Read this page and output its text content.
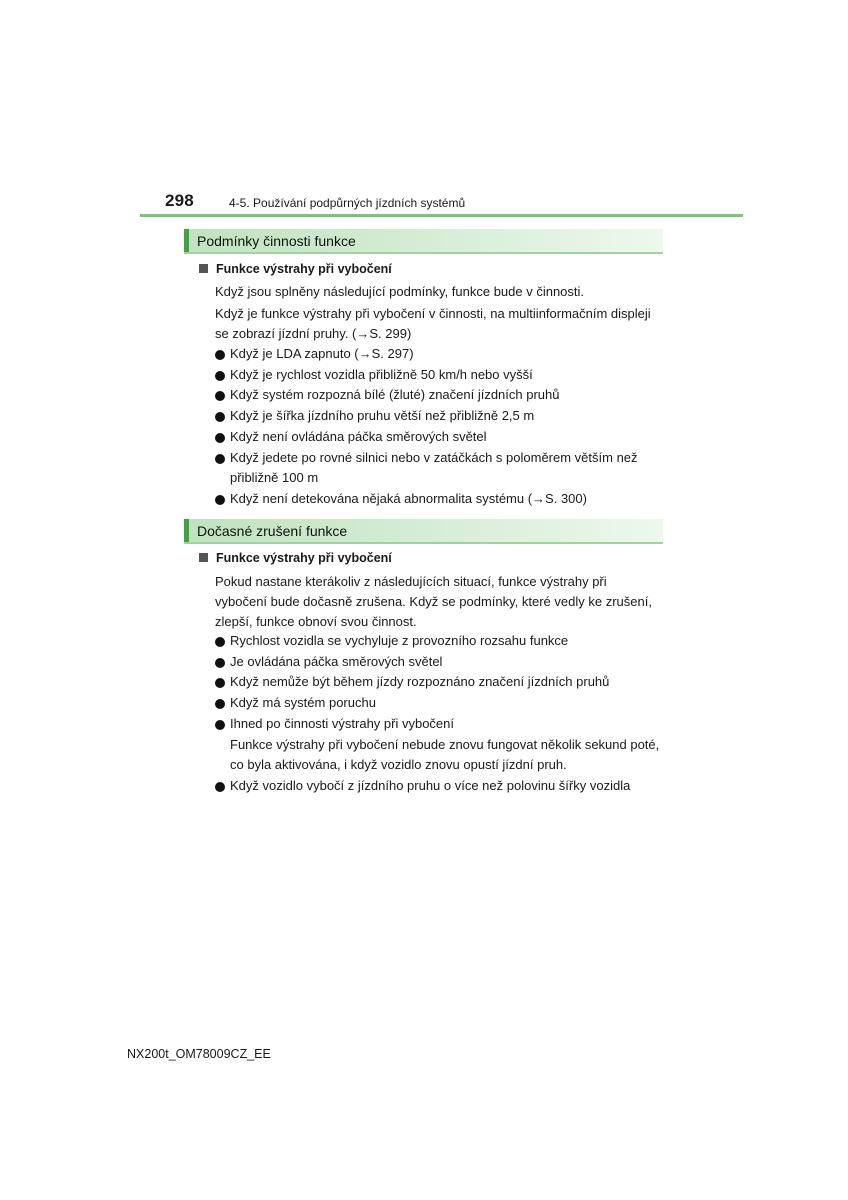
298	4-5. Používání podpůrných jízdních systémů
Podmínky činnosti funkce
Funkce výstrahy při vybočení
Když jsou splněny následující podmínky, funkce bude v činnosti.
Když je funkce výstrahy při vybočení v činnosti, na multiinformačním displeji se zobrazí jízdní pruhy. (→S. 299)
Když je LDA zapnuto (→S. 297)
Když je rychlost vozidla přibližně 50 km/h nebo vyšší
Když systém rozpozná bílé (žluté) značení jízdních pruhů
Když je šířka jízdního pruhu větší než přibližně 2,5 m
Když není ovládána páčka směrových světel
Když jedete po rovné silnici nebo v zatáčkách s poloměrem větším než přibližně 100 m
Když není detekována nějaká abnormalita systému (→S. 300)
Dočasné zrušení funkce
Funkce výstrahy při vybočení
Pokud nastane kterákoliv z následujících situací, funkce výstrahy při vybočení bude dočasně zrušena. Když se podmínky, které vedly ke zrušení, zlepší, funkce obnoví svou činnost.
Rychlost vozidla se vychyluje z provozního rozsahu funkce
Je ovládána páčka směrových světel
Když nemůže být během jízdy rozpoznáno značení jízdních pruhů
Když má systém poruchu
Ihned po činnosti výstrahy při vybočení
Funkce výstrahy při vybočení nebude znovu fungovat několik sekund poté, co byla aktivována, i když vozidlo znovu opustí jízdní pruh.
Když vozidlo vybočí z jízdního pruhu o více než polovinu šířky vozidla
NX200t_OM78009CZ_EE
